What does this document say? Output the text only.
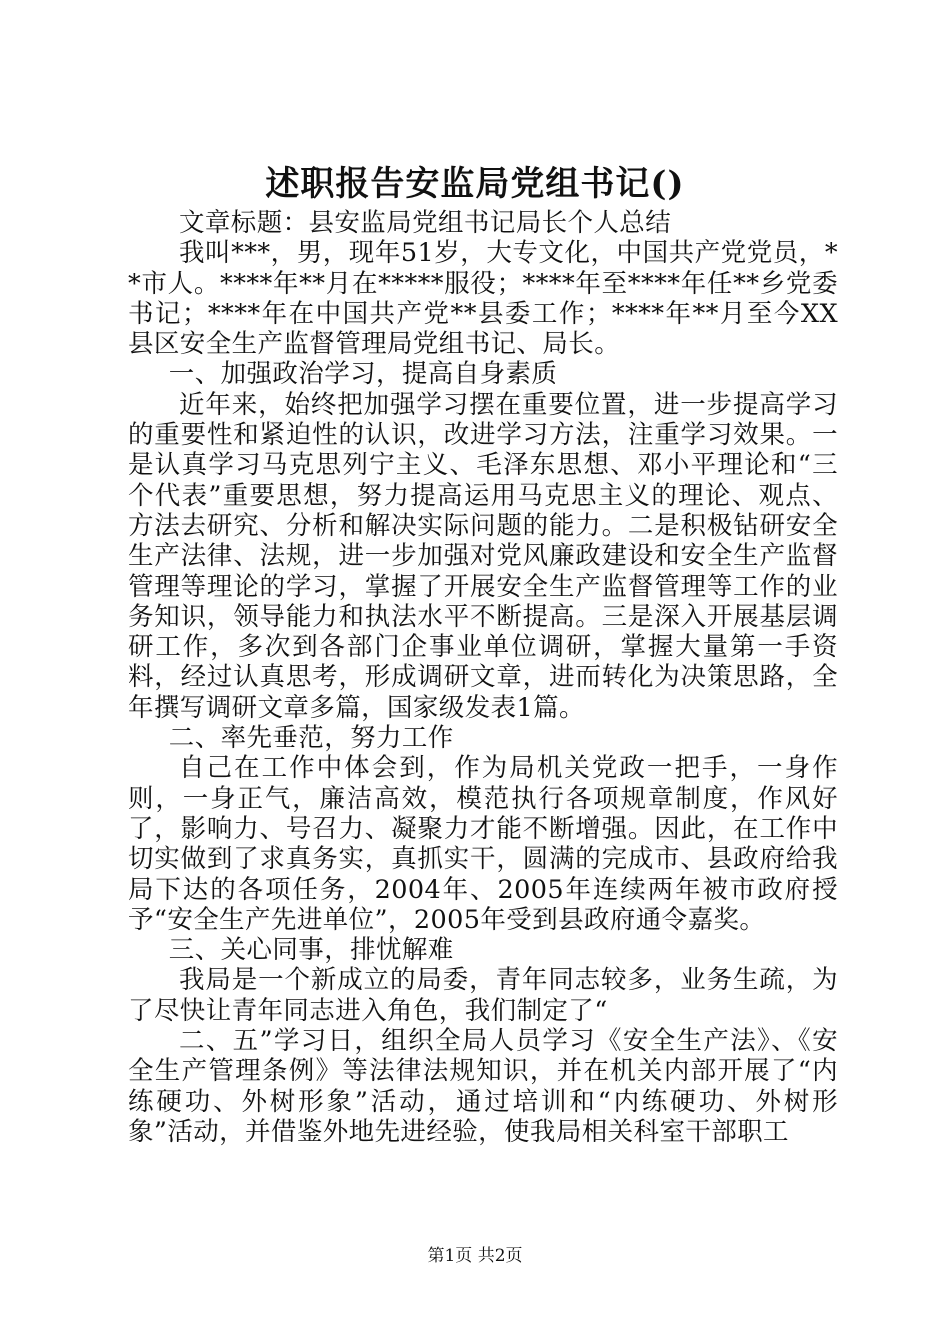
述职报告安监局党组书记()

文章标题：县安监局党组书记局长个人总结

我叫***，男，现年51岁，大专文化，中国共产党党员，**市人。****年**月在*****服役；****年至****年任**乡党委书记；****年在中国共产党**县委工作；****年**月至今XX县区安全生产监督管理局党组书记、局长。

一、加强政治学习，提高自身素质

近年来，始终把加强学习摆在重要位置，进一步提高学习的重要性和紧迫性的认识，改进学习方法，注重学习效果。一是认真学习马克思列宁主义、毛泽东思想、邓小平理论和“三个代表”重要思想，努力提高运用马克思主义的理论、观点、方法去研究、分析和解决实际问题的能力。二是积极钻研安全生产法律、法规，进一步加强对党风廉政建设和安全生产监督管理等理论的学习，掌握了开展安全生产监督管理等工作的业务知识，领导能力和执法水平不断提高。三是深入开展基层调研工作，多次到各部门企事业单位调研，掌握大量第一手资料，经过认真思考，形成调研文章，进而转化为决策思路，全年撰写调研文章多篇，国家级发表1篇。

二、率先垂范，努力工作

自己在工作中体会到，作为局机关党政一把手，一身作则，一身正气，廉洁高效，模范执行各项规章制度，作风好了，影响力、号召力、凝聚力才能不断增强。因此，在工作中切实做到了求真务实，真抓实干，圆满的完成市、县政府给我局下达的各项任务，2004年、2005年连续两年被市政府授予“安全生产先进单位”，2005年受到县政府通令嘉奖。

三、关心同事，排忧解难

我局是一个新成立的局委，青年同志较多，业务生疏，为了尽快让青年同志进入角色，我们制定了“

二、五”学习日，组织全局人员学习《安全生产法》、《安全生产管理条例》等法律法规知识，并在机关内部开展了“内练硬功、外树形象”活动，通过培训和“内练硬功、外树形象”活动，并借鉴外地先进经验，使我局相关科室干部职工

第1页 共2页
